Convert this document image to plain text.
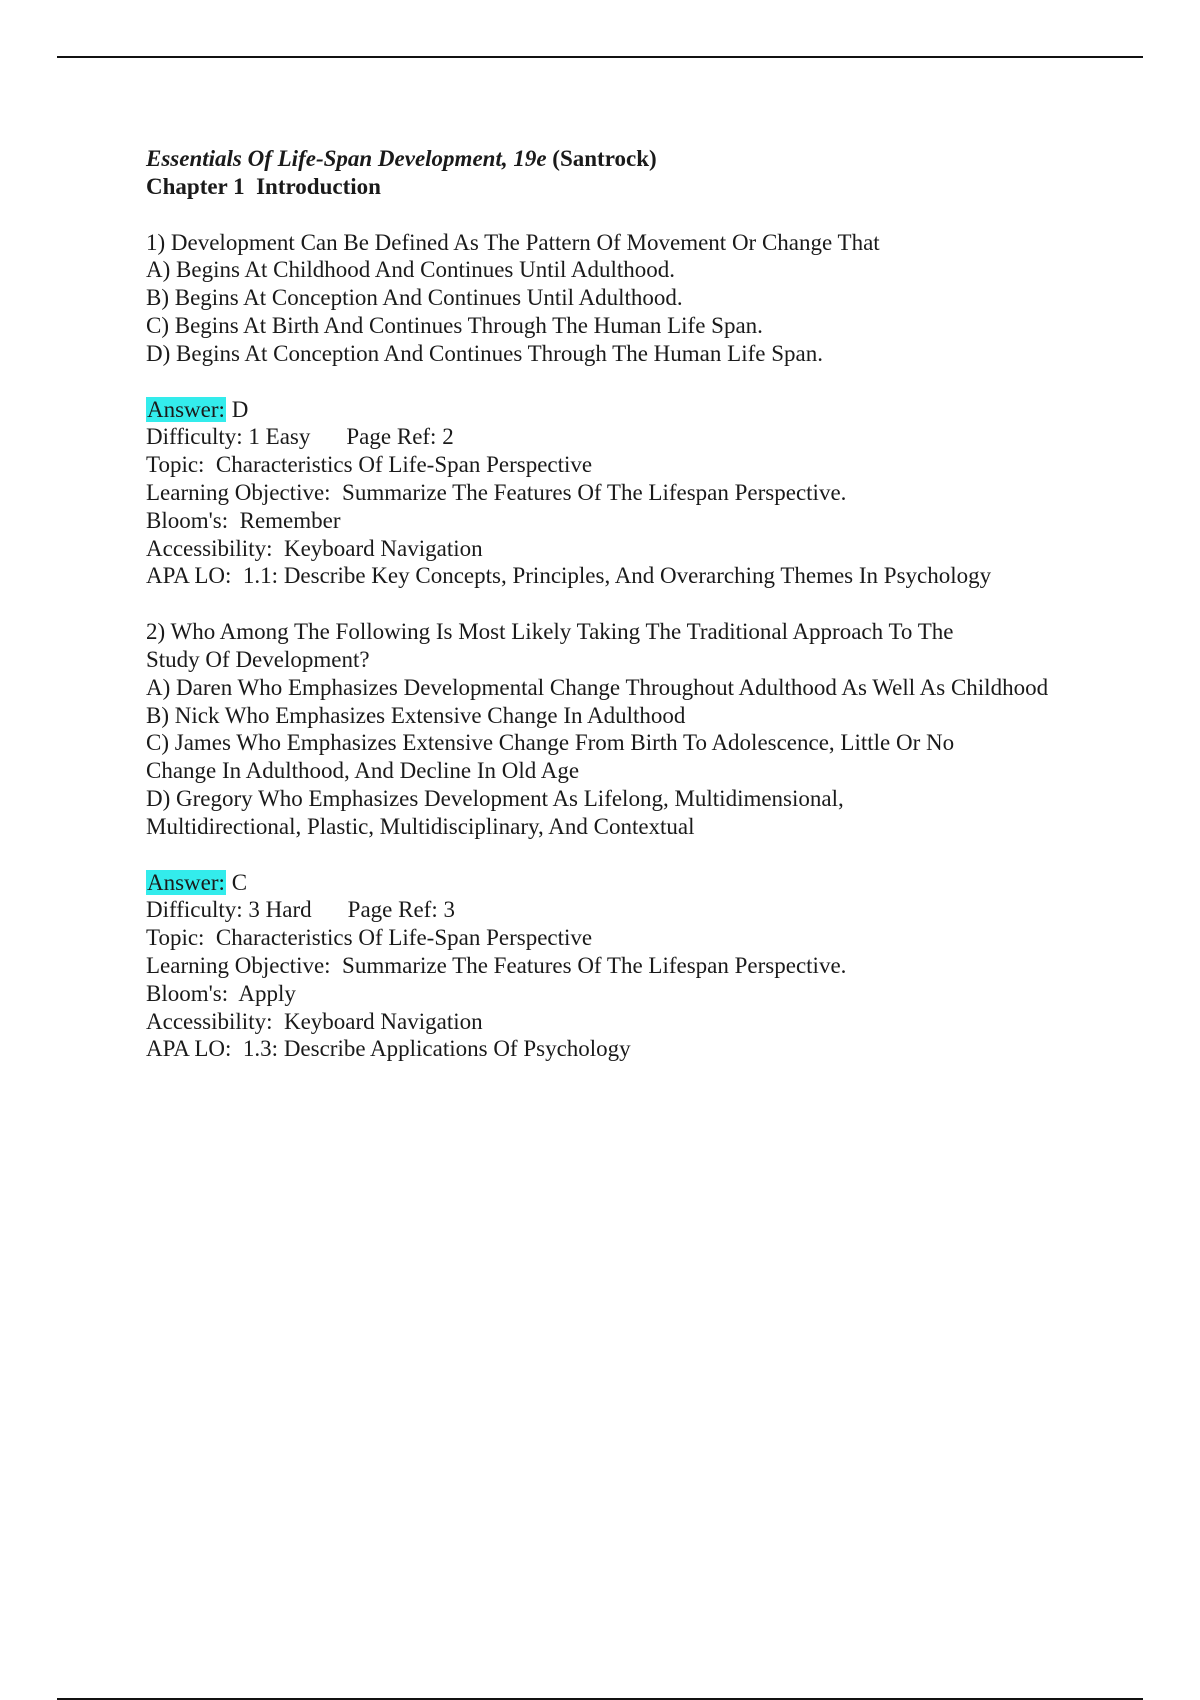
Essentials Of Life-Span Development, 19e (Santrock)
Chapter 1  Introduction
1) Development Can Be Defined As The Pattern Of Movement Or Change That
A) Begins At Childhood And Continues Until Adulthood.
B) Begins At Conception And Continues Until Adulthood.
C) Begins At Birth And Continues Through The Human Life Span.
D) Begins At Conception And Continues Through The Human Life Span.
Answer: D
Difficulty: 1 Easy Page Ref: 2
Topic:  Characteristics Of Life-Span Perspective
Learning Objective:  Summarize The Features Of The Lifespan Perspective.
Bloom's:  Remember
Accessibility:  Keyboard Navigation
APA LO:  1.1: Describe Key Concepts, Principles, And Overarching Themes In Psychology
2) Who Among The Following Is Most Likely Taking The Traditional Approach To The
Study Of Development?
A) Daren Who Emphasizes Developmental Change Throughout Adulthood As Well As Childhood
B) Nick Who Emphasizes Extensive Change In Adulthood
C) James Who Emphasizes Extensive Change From Birth To Adolescence, Little Or No
Change In Adulthood, And Decline In Old Age
D) Gregory Who Emphasizes Development As Lifelong, Multidimensional,
Multidirectional, Plastic, Multidisciplinary, And Contextual
Answer: C
Difficulty: 3 Hard Page Ref: 3
Topic:  Characteristics Of Life-Span Perspective
Learning Objective:  Summarize The Features Of The Lifespan Perspective.
Bloom's:  Apply
Accessibility:  Keyboard Navigation
APA LO:  1.3: Describe Applications Of Psychology
